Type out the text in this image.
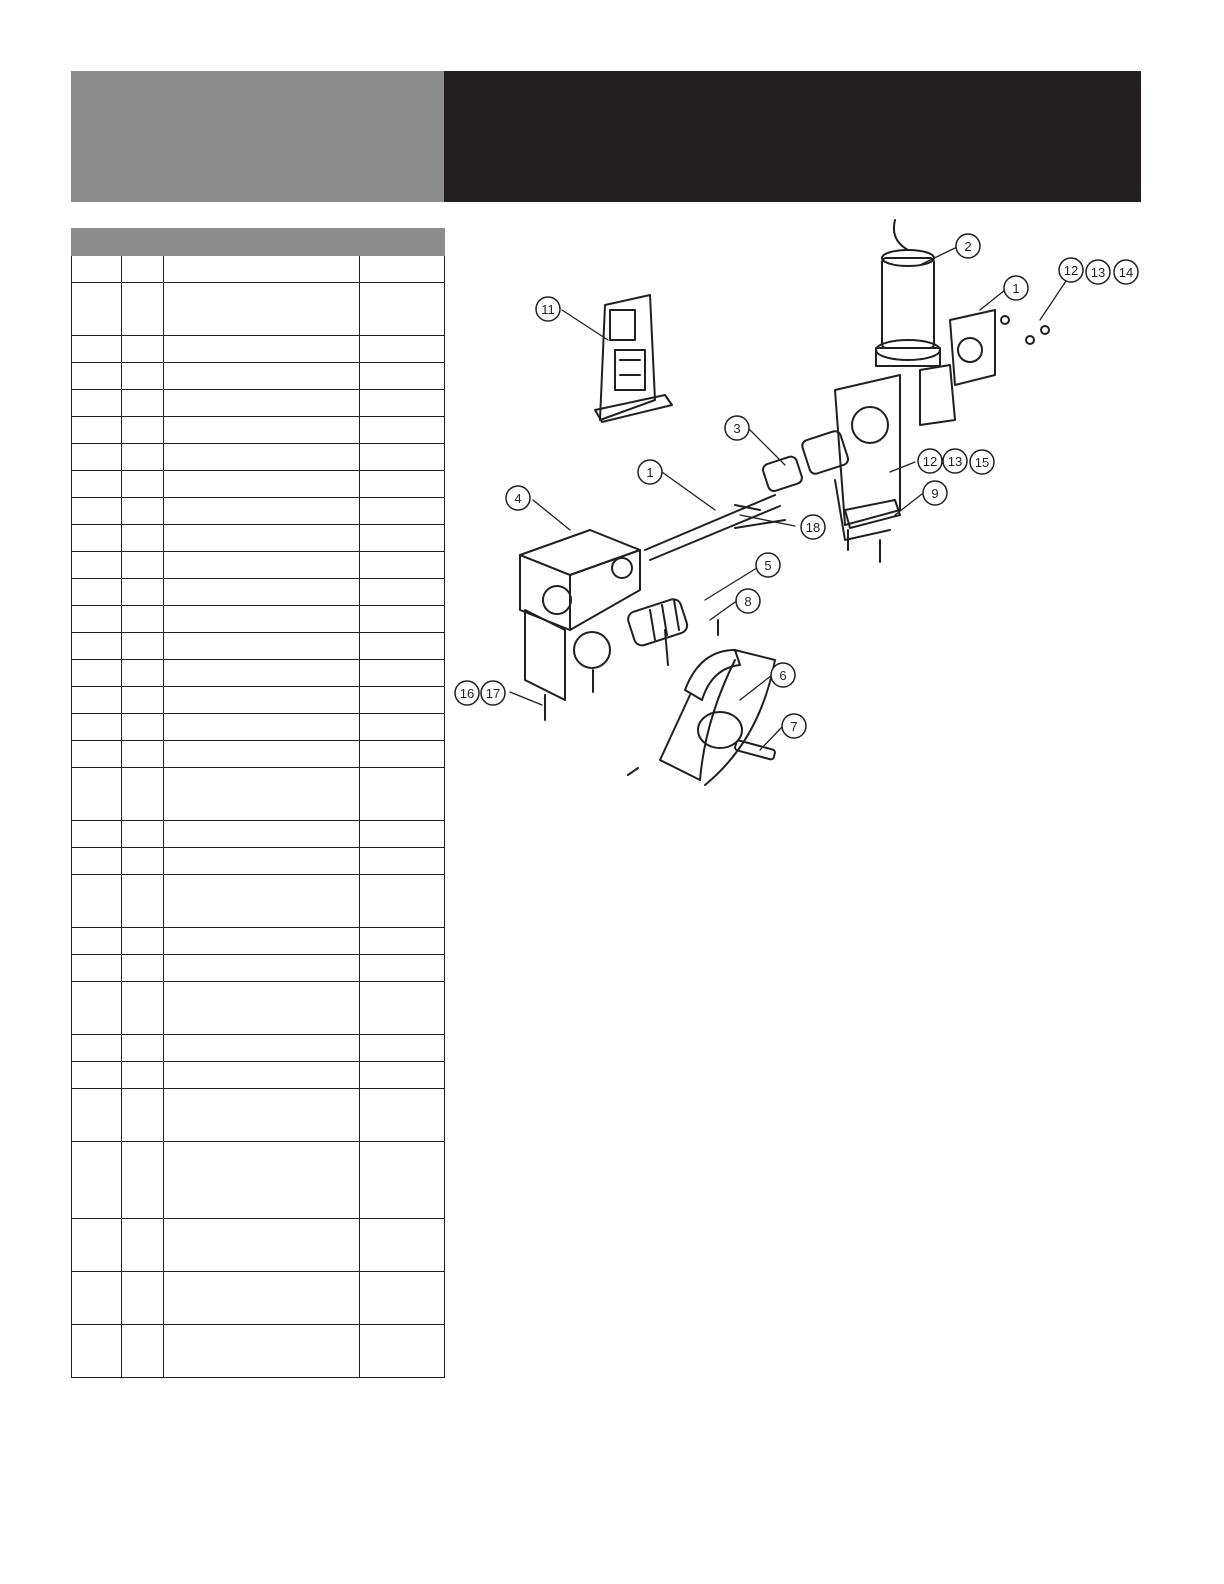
2
1
12 13 14
11
3
1
12 13 15
4	9
18
5
8
6
7
16 17
